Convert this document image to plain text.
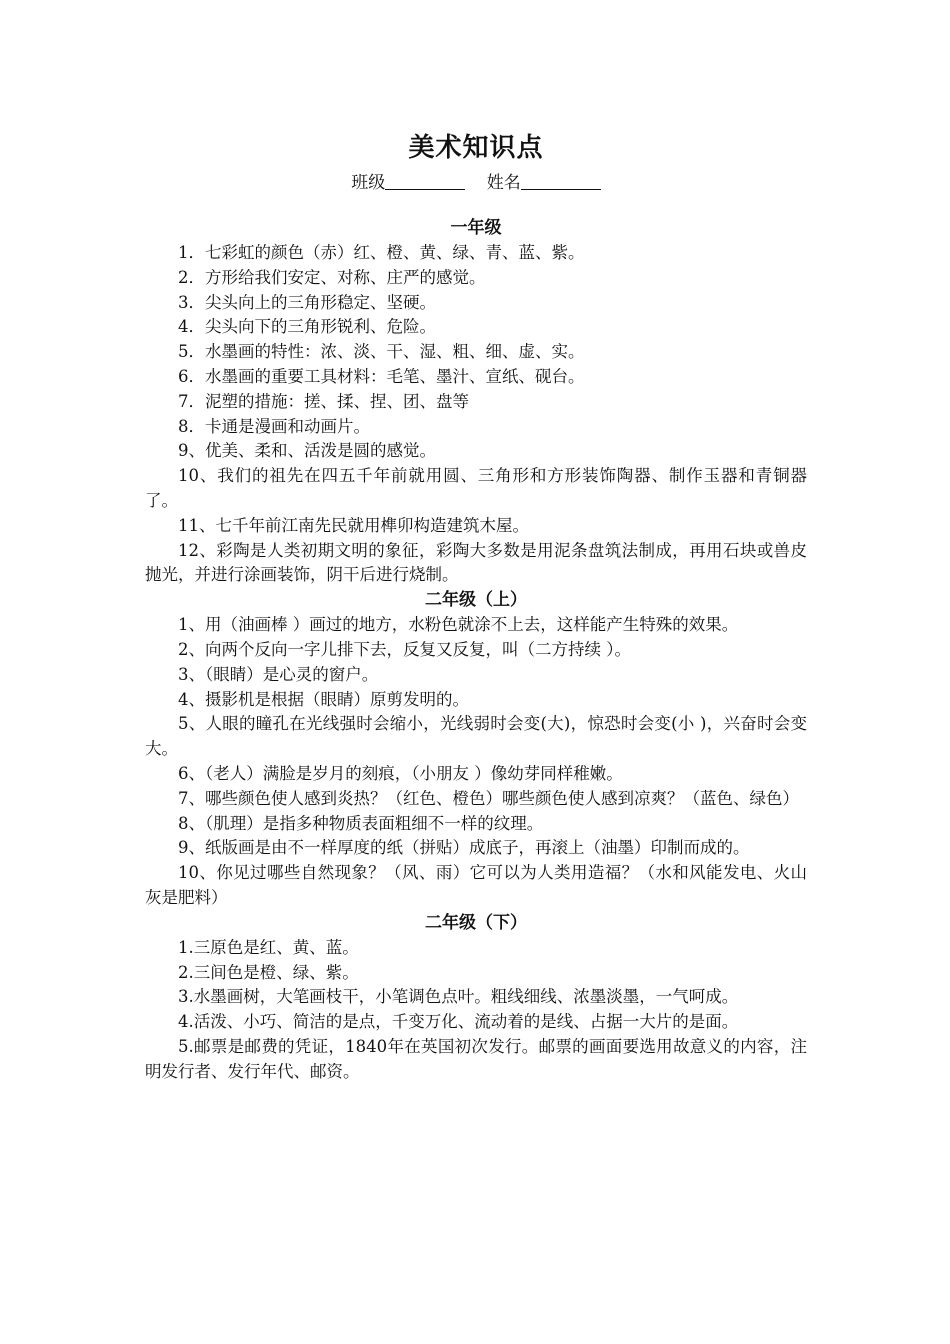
美术知识点
班级	姓名
一年级

1．七彩虹的颜色（赤）红、橙、黄、绿、青、蓝、紫。

2．方形给我们安定、对称、庄严的感觉。

3．尖头向上的三角形稳定、坚硬。

4．尖头向下的三角形锐利、危险。

5．水墨画的特性：浓、淡、干、湿、粗、细、虚、实。

6．水墨画的重要工具材料：毛笔、墨汁、宣纸、砚台。

7．泥塑的措施：搓、揉、捏、团、盘等

8．卡通是漫画和动画片。

9、优美、柔和、活泼是圆的感觉。

10、我们的祖先在四五千年前就用圆、三角形和方形装饰陶器、制作玉器和青铜器了。

11、七千年前江南先民就用榫卯构造建筑木屋。

12、彩陶是人类初期文明的象征，彩陶大多数是用泥条盘筑法制成，再用石块或兽皮抛光，并进行涂画装饰，阴干后进行烧制。

二年级（上）

1、用（油画棒 ）画过的地方，水粉色就涂不上去，这样能产生特殊的效果。

2、向两个反向一字儿排下去，反复又反复，叫（二方持续 ）。

3、（眼睛）是心灵的窗户。

4、摄影机是根据（眼睛）原剪发明的。

5、人眼的瞳孔在光线强时会缩小，光线弱时会变(大)，惊恐时会变(小 )，兴奋时会变大。

6、（老人）满脸是岁月的刻痕，（小朋友 ）像幼芽同样稚嫩。

7、哪些颜色使人感到炎热？（红色、橙色）哪些颜色使人感到凉爽？（蓝色、绿色）

8、（肌理）是指多种物质表面粗细不一样的纹理。

9、纸版画是由不一样厚度的纸（拼贴）成底子，再滚上（油墨）印制而成的。

10、你见过哪些自然现象？（风、雨）它可以为人类用造福？（水和风能发电、火山灰是肥料）

二年级（下）

1.三原色是红、黄、蓝。

2.三间色是橙、绿、紫。

3.水墨画树，大笔画枝干，小笔调色点叶。粗线细线、浓墨淡墨，一气呵成。

4.活泼、小巧、简洁的是点，千变万化、流动着的是线、占据一大片的是面。

5.邮票是邮费的凭证，1840年在英国初次发行。邮票的画面要选用故意义的内容，注明发行者、发行年代、邮资。
